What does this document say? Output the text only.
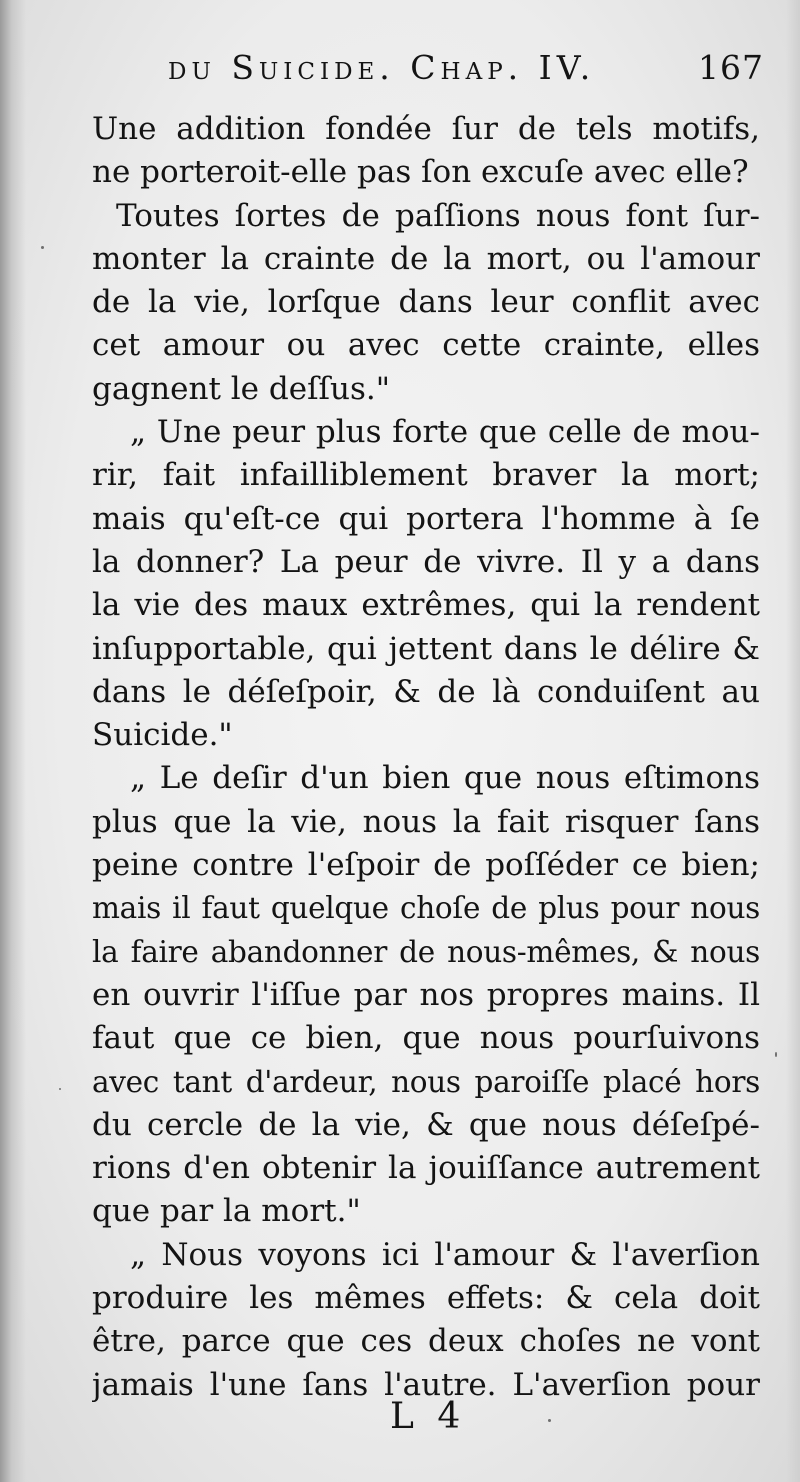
du Suicide. Chap. IV.	167
Une addition fondée ſur de tels motifs,
ne porteroit-elle pas ſon excuſe avec elle?
Toutes ſortes de paſſions nous font ſur-
monter la crainte de la mort, ou l'amour
de la vie, lorſque dans leur conflit avec
cet amour ou avec cette crainte, elles
gagnent le deſſus."
„ Une peur plus forte que celle de mou-
rir, fait infailliblement braver la mort;
mais qu'eſt-ce qui portera l'homme à ſe
la donner? La peur de vivre. Il y a dans
la vie des maux extrêmes, qui la rendent
inſupportable, qui jettent dans le délire &
dans le déſeſpoir, & de là conduiſent au
Suicide."
„ Le deſir d'un bien que nous eſtimons
plus que la vie, nous la fait risquer ſans
peine contre l'eſpoir de poſſéder ce bien;
mais il faut quelque choſe de plus pour nous
la faire abandonner de nous-mêmes, & nous
en ouvrir l'iſſue par nos propres mains. Il
faut que ce bien, que nous pourſuivons
avec tant d'ardeur, nous paroiſſe placé hors
du cercle de la vie, & que nous déſeſpé-
rions d'en obtenir la jouiſſance autrement
que par la mort."
„ Nous voyons ici l'amour & l'averſion
produire les mêmes effets: & cela doit
être, parce que ces deux choſes ne vont
jamais l'une ſans l'autre. L'averſion pour
L 4
